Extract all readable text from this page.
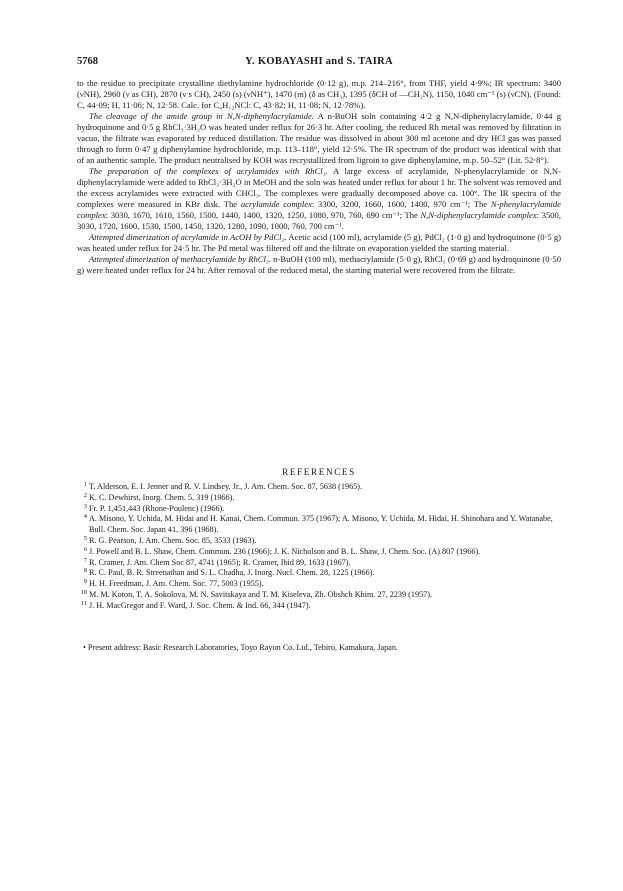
5768	Y. KOBAYASHI and S. TAIRA

to the residue to precipitate crystalline diethylamine hydrochloride (0·12 g), m.p. 214–216°, from THF, yield 4·9%; IR spectrum: 3400 (νNH), 2960 (ν as CH), 2870 (ν s CH), 2450 (s) (νNH⁺), 1470 (m) (δ as CH₃), 1395 (δCH of —CH₂N), 1150, 1040 cm⁻¹ (s) (νCN). (Found: C, 44·09; H, 11·06; N, 12·58. Calc. for C₄H₁₂NCl: C, 43·82; H, 11·08; N, 12·78%).

The cleavage of the amide group in N,N-diphenylacrylamide. A n-BuOH soln containing 4·2 g N,N-diphenylacrylamide, 0·44 g hydroquinone and 0·5 g RhCl₃·3H₂O was heated under reflux for 26·3 hr. After cooling, the reduced Rh metal was removed by filtration in vacuo, the filtrate was evaporated by reduced distillation. The residue was dissolved in about 300 ml acetone and dry HCl gas was passed through to form 0·47 g diphenylamine hydrochloride, m.p. 113–118°, yield 12·5%. The IR spectrum of the product was identical with that of an authentic sample. The product neutralised by KOH was recrystallized from ligroin to give diphenylamine, m.p. 50–52° (Lit. 52·8°).

The preparation of the complexes of acrylamides with RhCl₃. A large excess of acrylamide, N-phenylacrylamide or N,N-diphenylacrylamide were added to RhCl₃·3H₂O in MeOH and the soln was heated under reflux for about 1 hr. The solvent was removed and the excess acrylamides were extracted with CHCl₃. The complexes were gradually decomposed above ca. 100°. The IR spectra of the complexes were measured in KBr disk. The acrylamide complex: 3300, 3200, 1660, 1600, 1400, 970 cm⁻¹; The N-phenylacrylamide complex: 3030, 1670, 1610, 1560, 1500, 1440, 1400, 1320, 1250, 1080, 970, 760, 690 cm⁻¹; The N,N-diphenylacrylamide complex: 3500, 3030, 1720, 1600, 1530, 1500, 1450, 1320, 1280, 1090, 1000, 760, 700 cm⁻¹.

Attempted dimerization of acrylamide in AcOH by PdCl₂. Acetic acid (100 ml), acrylamide (5 g), PdCl₂ (1·0 g) and hydroquinone (0·5 g) was heated under reflux for 24·5 hr. The Pd metal was filtered off and the filtrate on evaporation yielded the starting material.

Attempted dimerization of methacrylamide by RhCl₃. n-BuOH (100 ml), methacrylamide (5·0 g), RhCl₃ (0·69 g) and hydroquinone (0·50 g) were heated under reflux for 24 hr. After removal of the reduced metal, the starting material were recovered from the filtrate.

REFERENCES
1 T. Alderson, E. I. Jenner and R. V. Lindsey, Jr., J. Am. Chem. Soc. 87, 5638 (1965).
2 K. C. Dewhirst, Inorg. Chem. 5, 319 (1966).
3 Fr. P. 1,451,443 (Rhone-Poulenc) (1966).
4 A. Misono, Y. Uchida, M. Hidai and H. Kanai, Chem. Commun. 375 (1967); A. Misono, Y. Uchida, M. Hidai, H. Shinohara and Y. Watanabe, Bull. Chem. Soc. Japan 41, 396 (1968).
5 R. G. Pearson, J. Am. Chem. Soc. 85, 3533 (1963).
6 J. Powell and B. L. Shaw, Chem. Commun. 236 (1966); J. K. Nicholson and B. L. Shaw, J. Chem. Soc. (A) 807 (1966).
7 R. Cramer, J. Am. Chem Soc 87, 4741 (1965); R. Cramer, Ibid 89, 1633 (1967).
8 R. C. Paul, B. R. Streenathan and S. L. Chadha, J. Inorg. Nucl. Chem. 28, 1225 (1966).
9 H. H. Freedman, J. Am. Chem. Soc. 77, 5003 (1955).
10 M. M. Koton, T. A. Sokolova, M. N. Savitskaya and T. M. Kiseleva, Zh. Obshch Khim. 27, 2239 (1957).
11 J. H. MacGregor and F. Ward, J. Soc. Chem. & Ind. 66, 344 (1947).
• Present address: Basic Research Laboratories, Toyo Rayon Co. Ltd., Tebiro, Kamakura, Japan.
